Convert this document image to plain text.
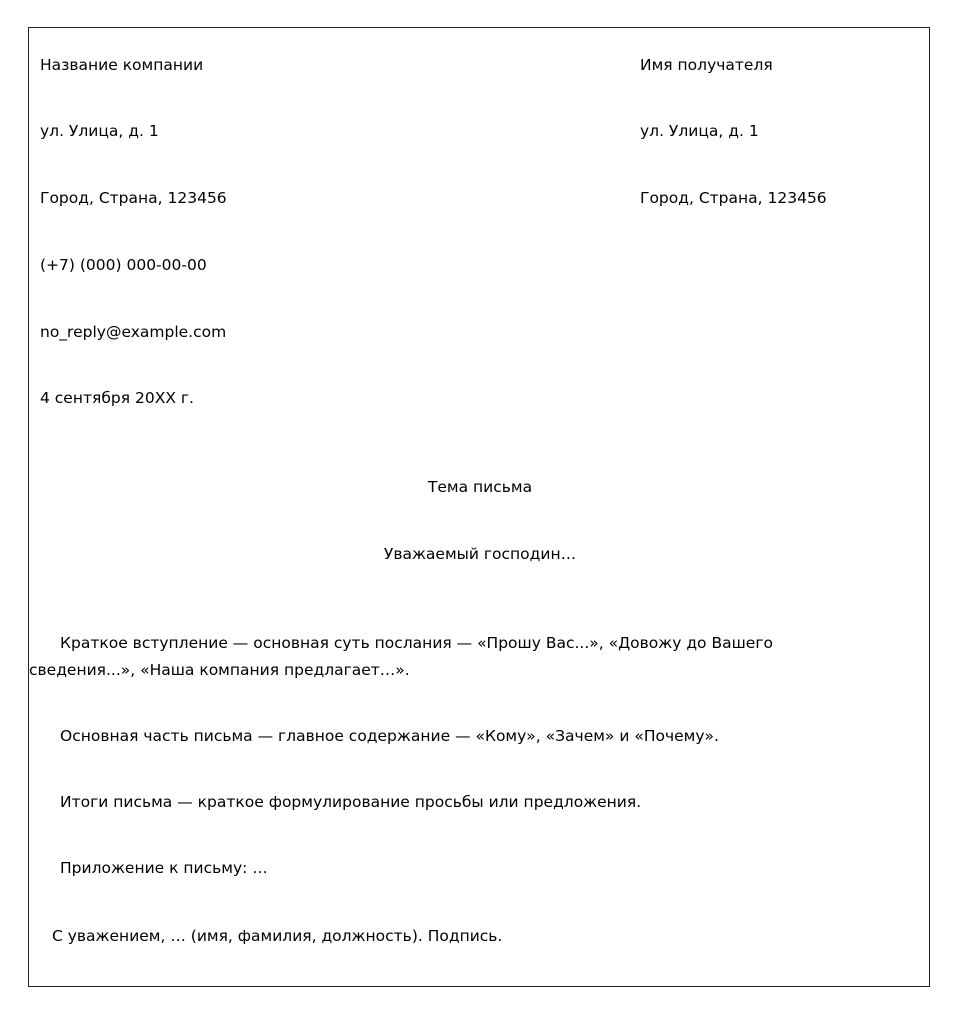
Название компании
ул. Улица, д. 1
Город, Страна, 123456
(+7) (000) 000-00-00
no_reply@example.com
4 сентября 20XX г.
Имя получателя
ул. Улица, д. 1
Город, Страна, 123456
Тема письма
Уважаемый господин…
Краткое вступление — основная суть послания — «Прошу Вас...», «Довожу до Вашего
сведения...», «Наша компания предлагает…».
Основная часть письма — главное содержание — «Кому», «Зачем» и «Почему».
Итоги письма — краткое формулирование просьбы или предложения.
Приложение к письму: …
С уважением, … (имя, фамилия, должность). Подпись.
